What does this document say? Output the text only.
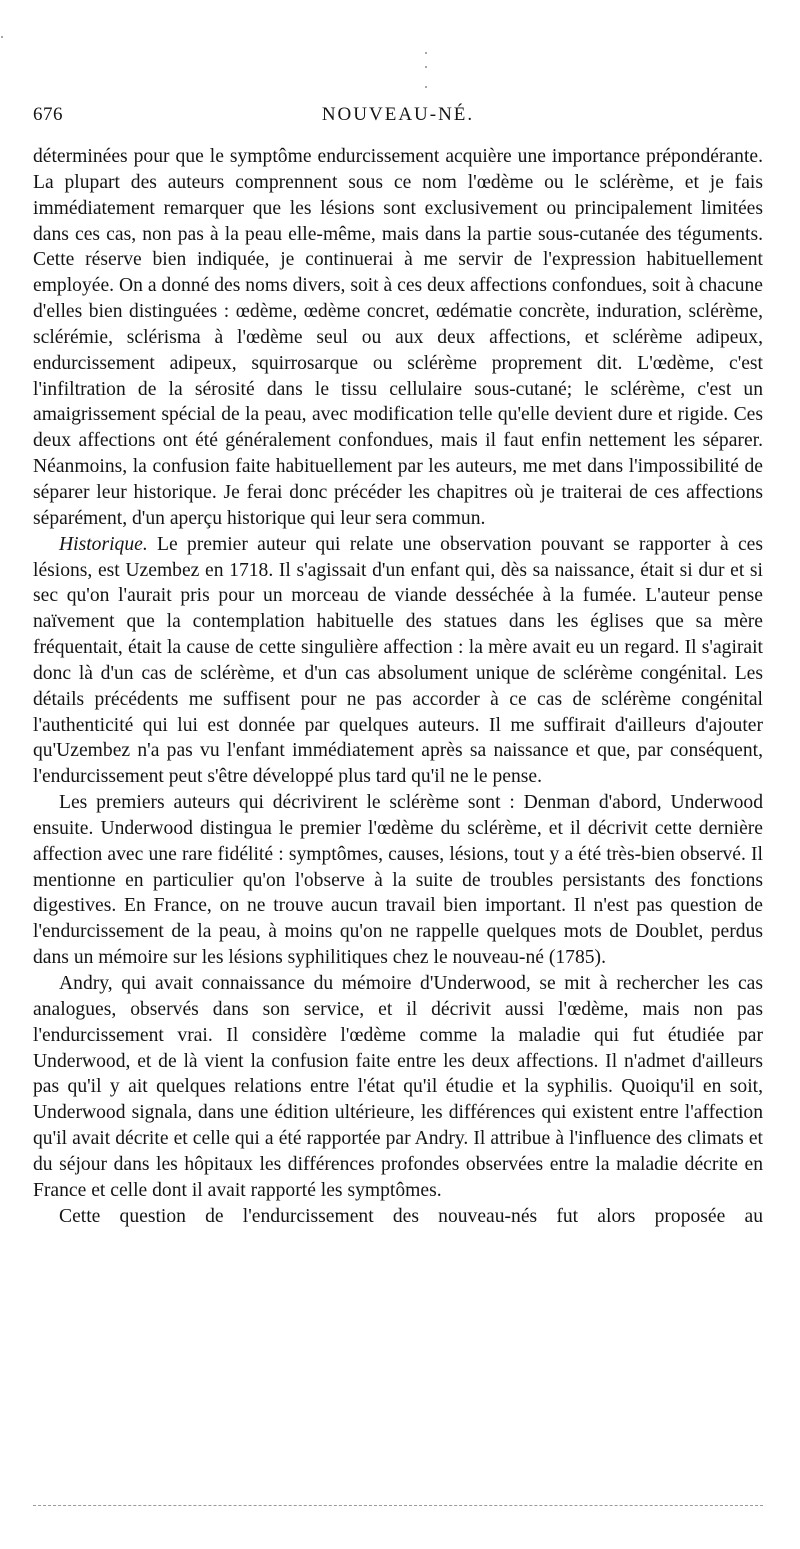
676	NOUVEAU-NÉ.

déterminées pour que le symptôme endurcissement acquière une importance prépondérante. La plupart des auteurs comprennent sous ce nom l'œdème ou le sclérème, et je fais immédiatement remarquer que les lésions sont exclusivement ou principalement limitées dans ces cas, non pas à la peau elle-même, mais dans la partie sous-cutanée des téguments. Cette réserve bien indiquée, je continuerai à me servir de l'expression habituellement employée. On a donné des noms divers, soit à ces deux affections confondues, soit à chacune d'elles bien distinguées : œdème, œdème concret, œdématie concrète, induration, sclérème, sclérémie, sclérisma à l'œdème seul ou aux deux affections, et sclérème adipeux, endurcissement adipeux, squirrosarque ou sclérème proprement dit. L'œdème, c'est l'infiltration de la sérosité dans le tissu cellulaire sous-cutané; le sclérème, c'est un amaigrissement spécial de la peau, avec modification telle qu'elle devient dure et rigide. Ces deux affections ont été généralement confondues, mais il faut enfin nettement les séparer. Néanmoins, la confusion faite habituellement par les auteurs, me met dans l'impossibilité de séparer leur historique. Je ferai donc précéder les chapitres où je traiterai de ces affections séparément, d'un aperçu historique qui leur sera commun.

Historique. Le premier auteur qui relate une observation pouvant se rapporter à ces lésions, est Uzembez en 1718. Il s'agissait d'un enfant qui, dès sa naissance, était si dur et si sec qu'on l'aurait pris pour un morceau de viande desséchée à la fumée. L'auteur pense naïvement que la contemplation habituelle des statues dans les églises que sa mère fréquentait, était la cause de cette singulière affection : la mère avait eu un regard. Il s'agirait donc là d'un cas de sclérème, et d'un cas absolument unique de sclérème congénital. Les détails précédents me suffisent pour ne pas accorder à ce cas de sclérème congénital l'authenticité qui lui est donnée par quelques auteurs. Il me suffirait d'ailleurs d'ajouter qu'Uzembez n'a pas vu l'enfant immédiatement après sa naissance et que, par conséquent, l'endurcissement peut s'être développé plus tard qu'il ne le pense.

Les premiers auteurs qui décrivirent le sclérème sont : Denman d'abord, Underwood ensuite. Underwood distingua le premier l'œdème du sclérème, et il décrivit cette dernière affection avec une rare fidélité : symptômes, causes, lésions, tout y a été très-bien observé. Il mentionne en particulier qu'on l'observe à la suite de troubles persistants des fonctions digestives. En France, on ne trouve aucun travail bien important. Il n'est pas question de l'endurcissement de la peau, à moins qu'on ne rappelle quelques mots de Doublet, perdus dans un mémoire sur les lésions syphilitiques chez le nouveau-né (1785).

Andry, qui avait connaissance du mémoire d'Underwood, se mit à rechercher les cas analogues, observés dans son service, et il décrivit aussi l'œdème, mais non pas l'endurcissement vrai. Il considère l'œdème comme la maladie qui fut étudiée par Underwood, et de là vient la confusion faite entre les deux affections. Il n'admet d'ailleurs pas qu'il y ait quelques relations entre l'état qu'il étudie et la syphilis. Quoiqu'il en soit, Underwood signala, dans une édition ultérieure, les différences qui existent entre l'affection qu'il avait décrite et celle qui a été rapportée par Andry. Il attribue à l'influence des climats et du séjour dans les hôpitaux les différences profondes observées entre la maladie décrite en France et celle dont il avait rapporté les symptômes.

Cette question de l'endurcissement des nouveau-nés fut alors proposée au
